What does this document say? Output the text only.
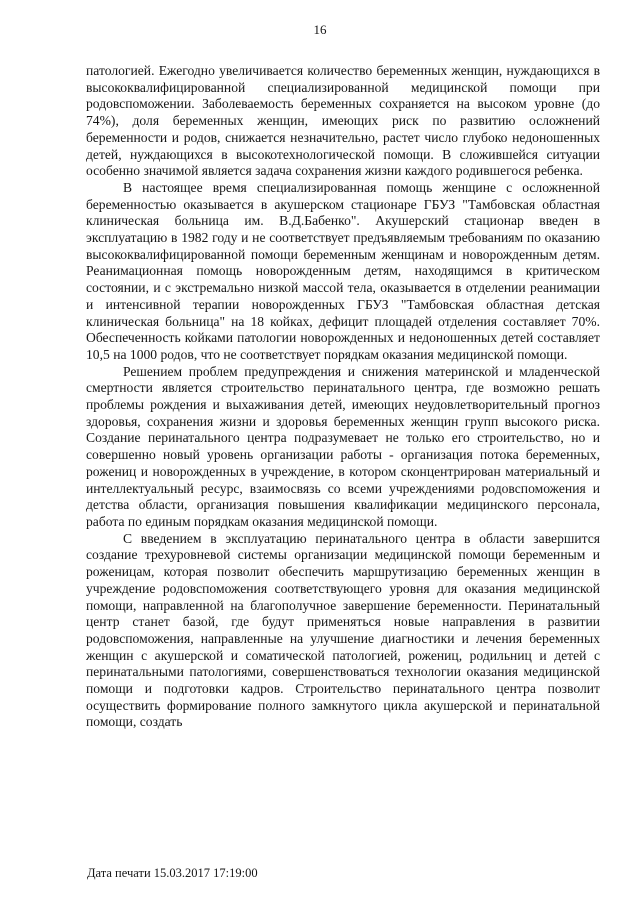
16

патологией. Ежегодно увеличивается количество беременных женщин, нуждающихся в высококвалифицированной специализированной медицинской помощи при родовспоможении. Заболеваемость беременных сохраняется на высоком уровне (до 74%), доля беременных женщин, имеющих риск по развитию осложнений беременности и родов, снижается незначительно, растет число глубоко недоношенных детей, нуждающихся в высокотехнологической помощи. В сложившейся ситуации особенно значимой является задача сохранения жизни каждого родившегося ребенка.

В настоящее время специализированная помощь женщине с осложненной беременностью оказывается в акушерском стационаре ГБУЗ "Тамбовская областная клиническая больница им. В.Д.Бабенко". Акушерский стационар введен в эксплуатацию в 1982 году и не соответствует предъявляемым требованиям по оказанию высококвалифицированной помощи беременным женщинам и новорожденным детям. Реанимационная помощь новорожденным детям, находящимся в критическом состоянии, и с экстремально низкой массой тела, оказывается в отделении реанимации и интенсивной терапии новорожденных ГБУЗ "Тамбовская областная детская клиническая больница" на 18 койках, дефицит площадей отделения составляет 70%. Обеспеченность койками патологии новорожденных и недоношенных детей составляет 10,5 на 1000 родов, что не соответствует порядкам оказания медицинской помощи.

Решением проблем предупреждения и снижения материнской и младенческой смертности является строительство перинатального центра, где возможно решать проблемы рождения и выхаживания детей, имеющих неудовлетворительный прогноз здоровья, сохранения жизни и здоровья беременных женщин групп высокого риска. Создание перинатального центра подразумевает не только его строительство, но и совершенно новый уровень организации работы - организация потока беременных, рожениц и новорожденных в учреждение, в котором сконцентрирован материальный и интеллектуальный ресурс, взаимосвязь со всеми учреждениями родовспоможения и детства области, организация повышения квалификации медицинского персонала, работа по единым порядкам оказания медицинской помощи.

С введением в эксплуатацию перинатального центра в области завершится создание трехуровневой системы организации медицинской помощи беременным и роженицам, которая позволит обеспечить маршрутизацию беременных женщин в учреждение родовспоможения соответствующего уровня для оказания медицинской помощи, направленной на благополучное завершение беременности. Перинатальный центр станет базой, где будут применяться новые направления в развитии родовспоможения, направленные на улучшение диагностики и лечения беременных женщин с акушерской и соматической патологией, рожениц, родильниц и детей с перинатальными патологиями, совершенствоваться технологии оказания медицинской помощи и подготовки кадров. Строительство перинатального центра позволит осуществить формирование полного замкнутого цикла акушерской и перинатальной помощи, создать

Дата печати 15.03.2017 17:19:00
